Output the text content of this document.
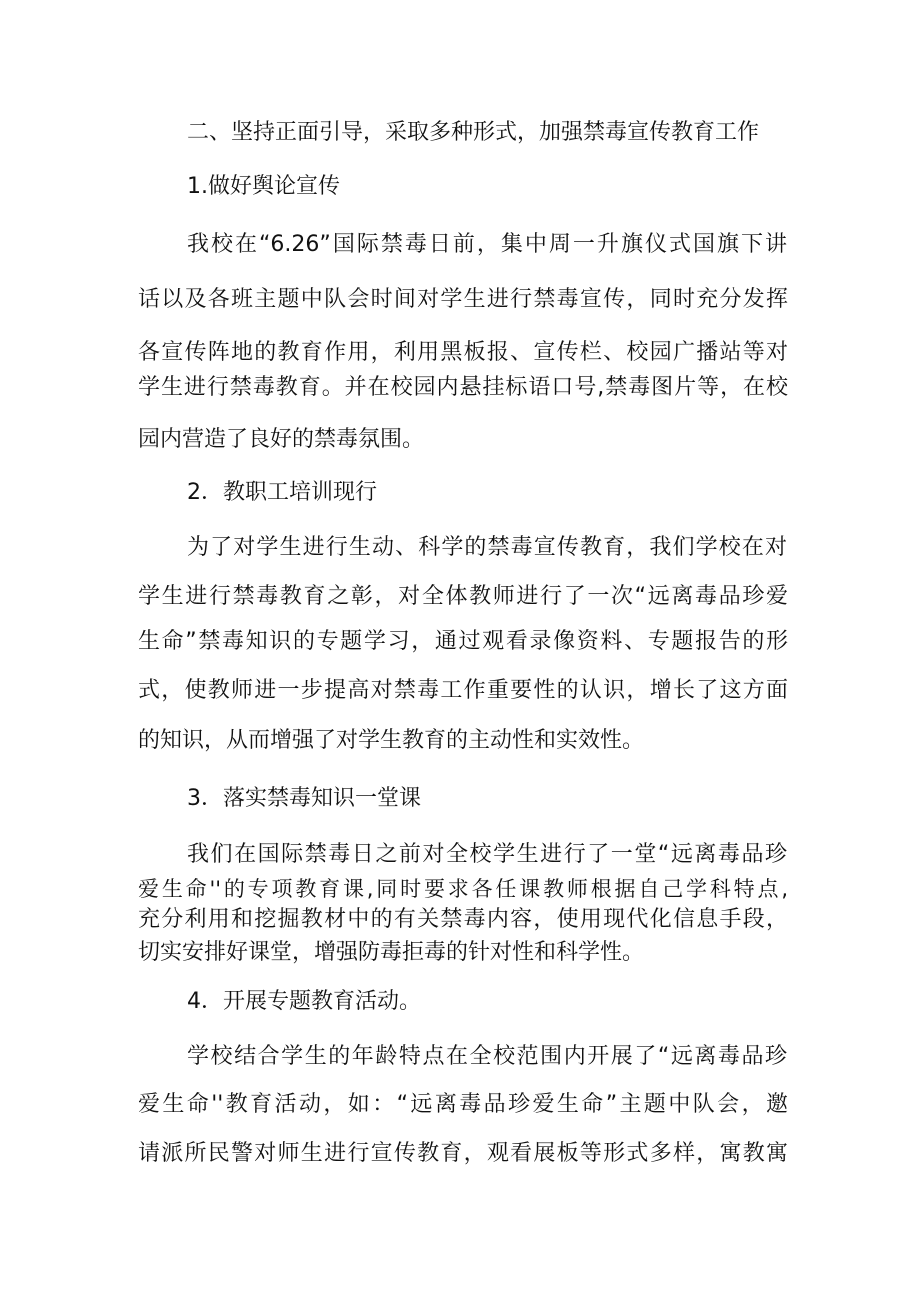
二、坚持正面引导，采取多种形式，加强禁毒宣传教育工作

1.做好舆论宣传

我校在“6.26”国际禁毒日前，集中周一升旗仪式国旗下讲

话以及各班主题中队会时间对学生进行禁毒宣传，同时充分发挥

各宣传阵地的教育作用，利用黑板报、宣传栏、校园广播站等对

学生进行禁毒教育。并在校园内悬挂标语口号,禁毒图片等，在校

园内营造了良好的禁毒氛围。

2．教职工培训现行

为了对学生进行生动、科学的禁毒宣传教育，我们学校在对

学生进行禁毒教育之彰，对全体教师进行了一次“远离毒品珍爱

生命”禁毒知识的专题学习，通过观看录像资料、专题报告的形

式，使教师进一步提高对禁毒工作重要性的认识，增长了这方面

的知识，从而增强了对学生教育的主动性和实效性。

3．落实禁毒知识一堂课

我们在国际禁毒日之前对全校学生进行了一堂“远离毒品珍

爱生命''的专项教育课,同时要求各任课教师根据自己学科特点,

充分利用和挖掘教材中的有关禁毒内容，使用现代化信息手段，

切实安排好课堂，增强防毒拒毒的针对性和科学性。

4．开展专题教育活动。

学校结合学生的年龄特点在全校范围内开展了“远离毒品珍

爱生命''教育活动，如：“远离毒品珍爱生命”主题中队会，邀

请派所民警对师生进行宣传教育，观看展板等形式多样，寓教寓
